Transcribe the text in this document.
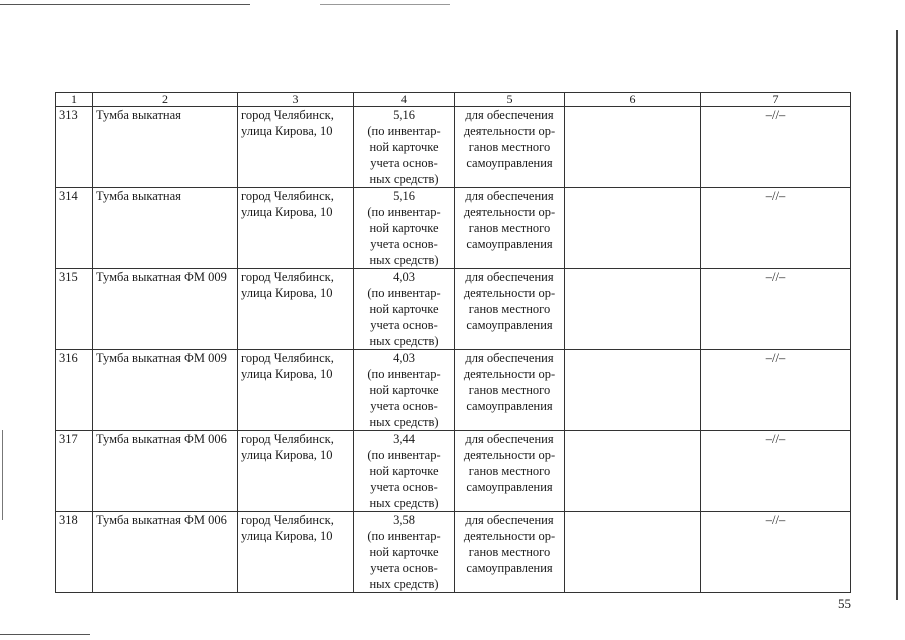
1	2	3	4	5	6	7
313	Тумба выкатная	город Челябинск, улица Кирова, 10	5,16
(по инвентар-
ной карточке
учета основ-
ных средств)	для обеспечения
деятельности ор-
ганов местного
самоуправления		–//–
314	Тумба выкатная	город Челябинск, улица Кирова, 10	5,16
(по инвентар-
ной карточке
учета основ-
ных средств)	для обеспечения
деятельности ор-
ганов местного
самоуправления		–//–
315	Тумба выкатная ФМ 009	город Челябинск, улица Кирова, 10	4,03
(по инвентар-
ной карточке
учета основ-
ных средств)	для обеспечения
деятельности ор-
ганов местного
самоуправления		–//–
316	Тумба выкатная ФМ 009	город Челябинск, улица Кирова, 10	4,03
(по инвентар-
ной карточке
учета основ-
ных средств)	для обеспечения
деятельности ор-
ганов местного
самоуправления		–//–
317	Тумба выкатная ФМ 006	город Челябинск, улица Кирова, 10	3,44
(по инвентар-
ной карточке
учета основ-
ных средств)	для обеспечения
деятельности ор-
ганов местного
самоуправления		–//–
318	Тумба выкатная ФМ 006	город Челябинск, улица Кирова, 10	3,58
(по инвентар-
ной карточке
учета основ-
ных средств)	для обеспечения
деятельности ор-
ганов местного
самоуправления		–//–
55
